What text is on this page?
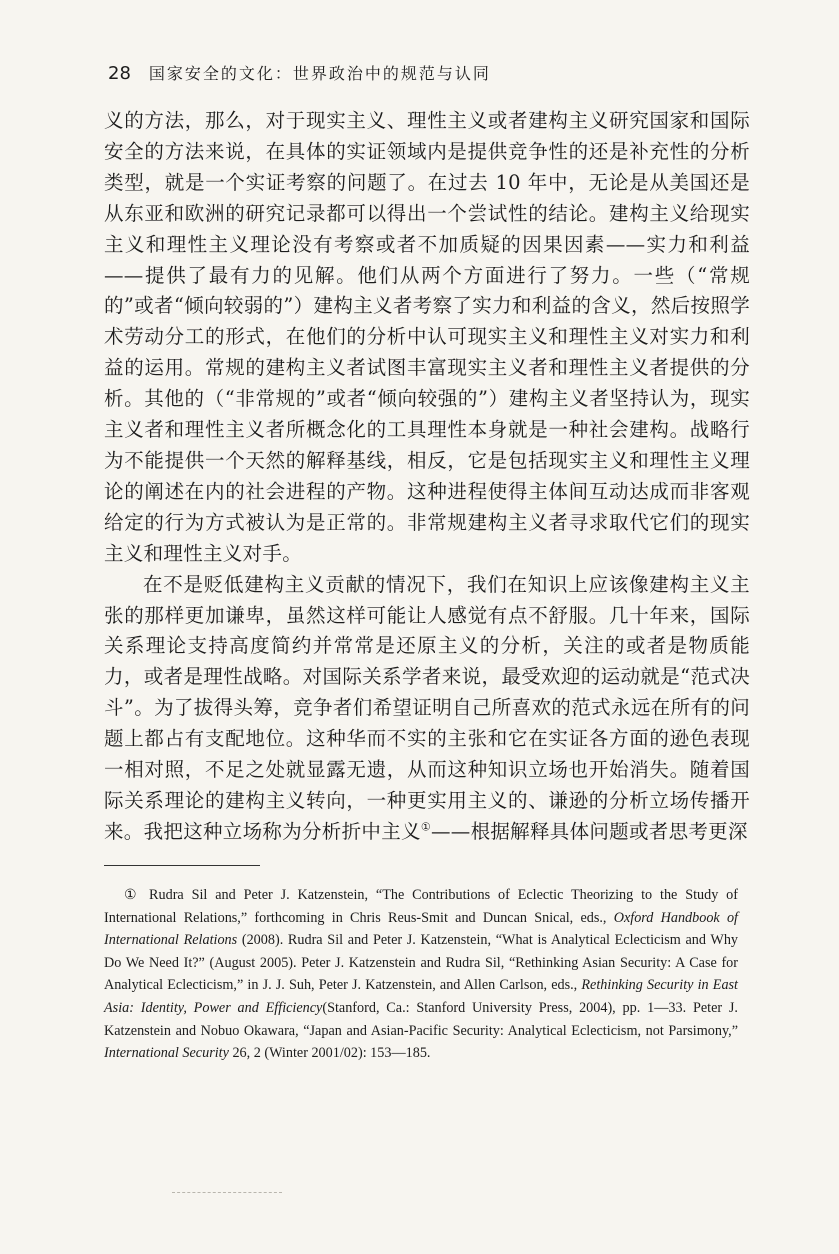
28 国家安全的文化：世界政治中的规范与认同

义的方法，那么，对于现实主义、理性主义或者建构主义研究国家和国际安全的方法来说，在具体的实证领域内是提供竞争性的还是补充性的分析类型，就是一个实证考察的问题了。在过去 10 年中，无论是从美国还是从东亚和欧洲的研究记录都可以得出一个尝试性的结论。建构主义给现实主义和理性主义理论没有考察或者不加质疑的因果因素——实力和利益——提供了最有力的见解。他们从两个方面进行了努力。一些（“常规的”或者“倾向较弱的”）建构主义者考察了实力和利益的含义，然后按照学术劳动分工的形式，在他们的分析中认可现实主义和理性主义对实力和利益的运用。常规的建构主义者试图丰富现实主义者和理性主义者提供的分析。其他的（“非常规的”或者“倾向较强的”）建构主义者坚持认为，现实主义者和理性主义者所概念化的工具理性本身就是一种社会建构。战略行为不能提供一个天然的解释基线，相反，它是包括现实主义和理性主义理论的阐述在内的社会进程的产物。这种进程使得主体间互动达成而非客观给定的行为方式被认为是正常的。非常规建构主义者寻求取代它们的现实主义和理性主义对手。

在不是贬低建构主义贡献的情况下，我们在知识上应该像建构主义主张的那样更加谦卑，虽然这样可能让人感觉有点不舒服。几十年来，国际关系理论支持高度简约并常常是还原主义的分析，关注的或者是物质能力，或者是理性战略。对国际关系学者来说，最受欢迎的运动就是“范式决斗”。为了拔得头筹，竞争者们希望证明自己所喜欢的范式永远在所有的问题上都占有支配地位。这种华而不实的主张和它在实证各方面的逊色表现一相对照，不足之处就显露无遗，从而这种知识立场也开始消失。随着国际关系理论的建构主义转向，一种更实用主义的、谦逊的分析立场传播开来。我把这种立场称为分析折中主义①——根据解释具体问题或者思考更深

① Rudra Sil and Peter J. Katzenstein, “The Contributions of Eclectic Theorizing to the Study of International Relations,” forthcoming in Chris Reus-Smit and Duncan Snical, eds., Oxford Handbook of International Relations (2008). Rudra Sil and Peter J. Katzenstein, “What is Analytical Eclecticism and Why Do We Need It?” (August 2005). Peter J. Katzenstein and Rudra Sil, “Rethinking Asian Security: A Case for Analytical Eclecticism,” in J. J. Suh, Peter J. Katzenstein, and Allen Carlson, eds., Rethinking Security in East Asia: Identity, Power and Efficiency(Stanford, Ca.: Stanford University Press, 2004), pp. 1—33. Peter J. Katzenstein and Nobuo Okawara, “Japan and Asian-Pacific Security: Analytical Eclecticism, not Parsimony,” International Security 26, 2 (Winter 2001/02): 153—185.
